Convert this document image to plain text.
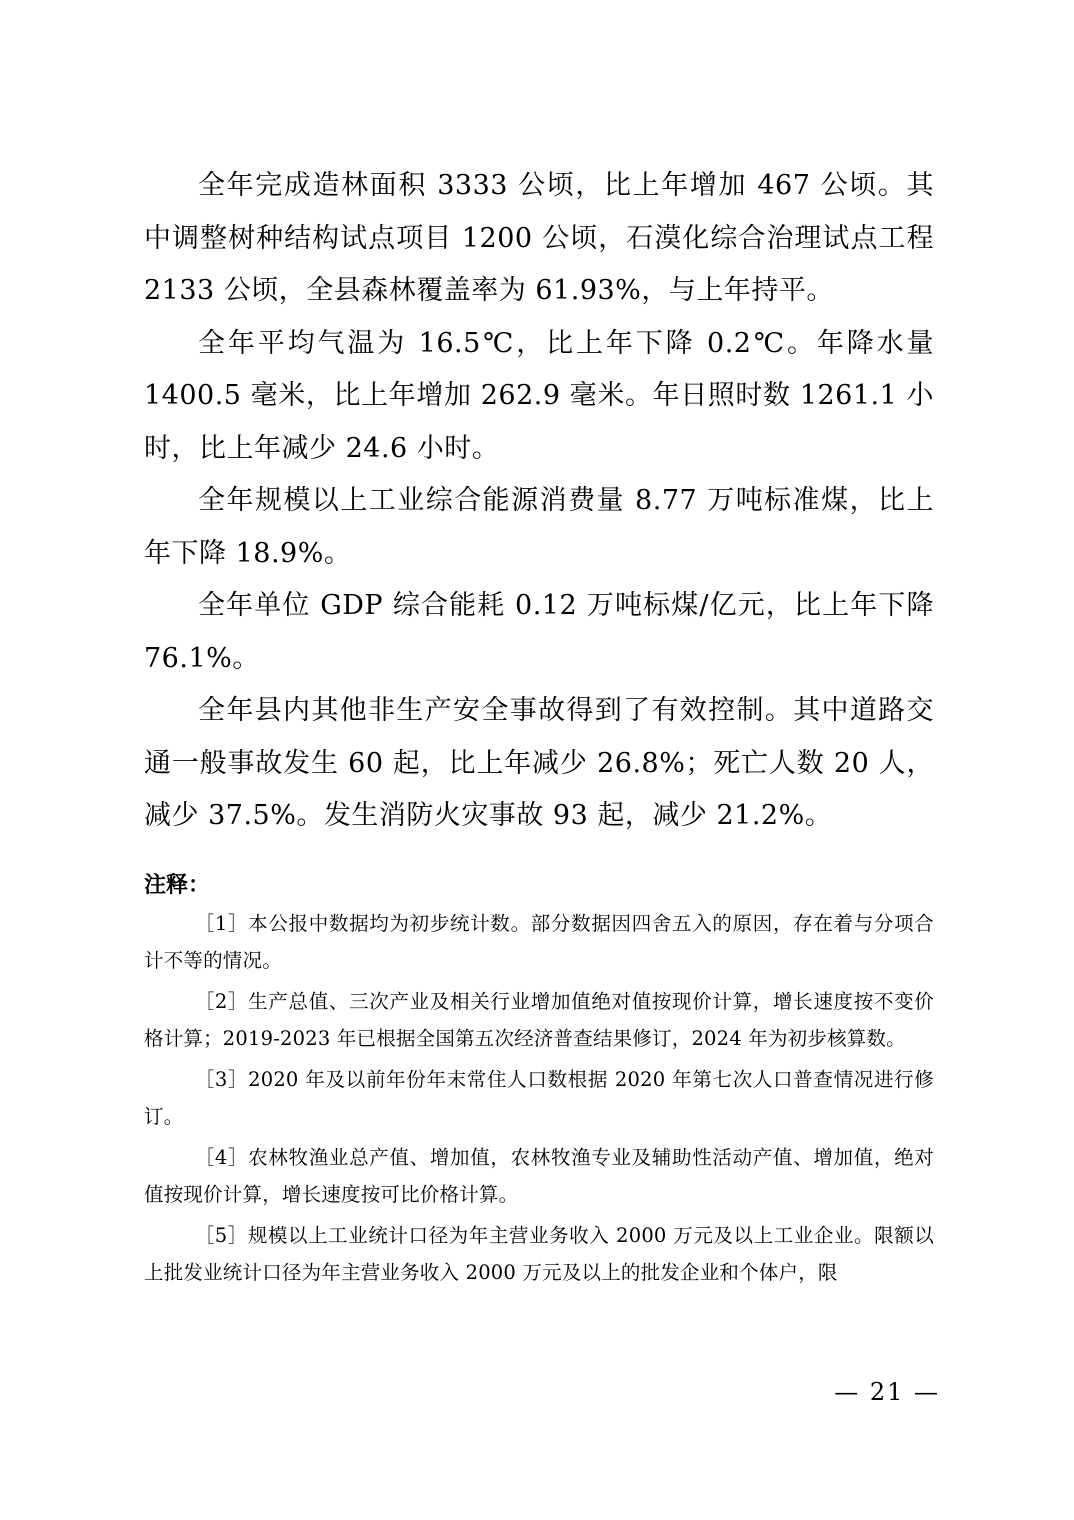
全年完成造林面积 3333 公顷，比上年增加 467 公顷。其中调整树种结构试点项目 1200 公顷，石漠化综合治理试点工程 2133 公顷，全县森林覆盖率为 61.93%，与上年持平。

全年平均气温为 16.5℃，比上年下降 0.2℃。年降水量 1400.5 毫米，比上年增加 262.9 毫米。年日照时数 1261.1 小时，比上年减少 24.6 小时。

全年规模以上工业综合能源消费量 8.77 万吨标准煤，比上年下降 18.9%。

全年单位 GDP 综合能耗 0.12 万吨标煤/亿元，比上年下降 76.1%。

全年县内其他非生产安全事故得到了有效控制。其中道路交通一般事故发生 60 起，比上年减少 26.8%；死亡人数 20 人，减少 37.5%。发生消防火灾事故 93 起，减少 21.2%。

注释：

［1］本公报中数据均为初步统计数。部分数据因四舍五入的原因，存在着与分项合计不等的情况。

［2］生产总值、三次产业及相关行业增加值绝对值按现价计算，增长速度按不变价格计算；2019-2023 年已根据全国第五次经济普查结果修订，2024 年为初步核算数。

［3］2020 年及以前年份年末常住人口数根据 2020 年第七次人口普查情况进行修订。

［4］农林牧渔业总产值、增加值，农林牧渔专业及辅助性活动产值、增加值，绝对值按现价计算，增长速度按可比价格计算。

［5］规模以上工业统计口径为年主营业务收入 2000 万元及以上工业企业。限额以上批发业统计口径为年主营业务收入 2000 万元及以上的批发企业和个体户，限

— 21 —
